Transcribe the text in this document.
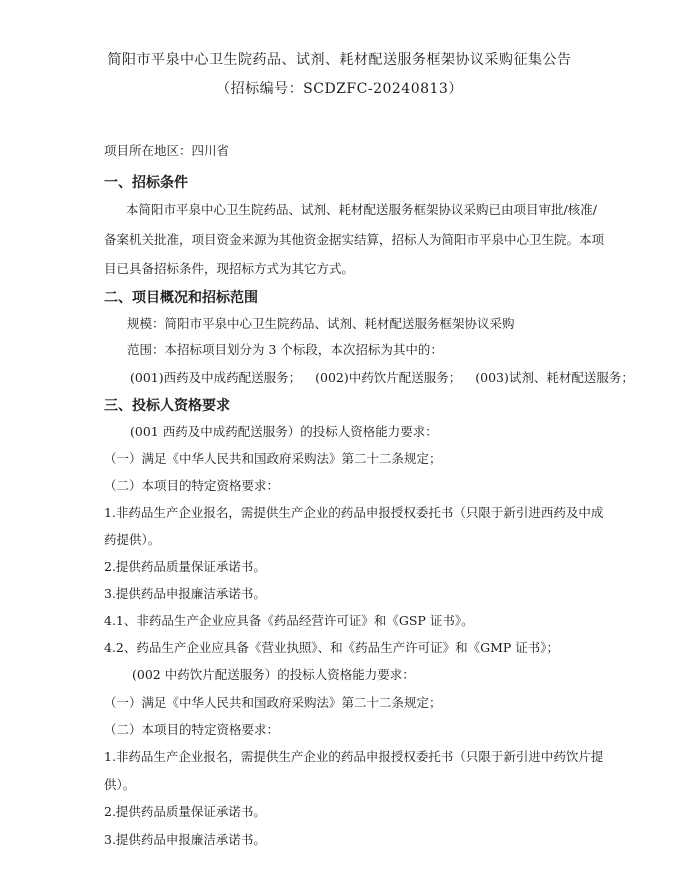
简阳市平泉中心卫生院药品、试剂、耗材配送服务框架协议采购征集公告
（招标编号：SCDZFC-20240813）
项目所在地区：四川省
一、招标条件
本简阳市平泉中心卫生院药品、试剂、耗材配送服务框架协议采购已由项目审批/核准/
备案机关批准，项目资金来源为其他资金据实结算，招标人为简阳市平泉中心卫生院。本项
目已具备招标条件，现招标方式为其它方式。
二、项目概况和招标范围
规模：简阳市平泉中心卫生院药品、试剂、耗材配送服务框架协议采购
范围：本招标项目划分为 3 个标段，本次招标为其中的：
(001)西药及中成药配送服务； (002)中药饮片配送服务； (003)试剂、耗材配送服务；
三、投标人资格要求
(001 西药及中成药配送服务）的投标人资格能力要求：
（一）满足《中华人民共和国政府采购法》第二十二条规定；
（二）本项目的特定资格要求：
1.非药品生产企业报名，需提供生产企业的药品申报授权委托书（只限于新引进西药及中成
药提供）。
2.提供药品质量保证承诺书。
3.提供药品申报廉洁承诺书。
4.1、非药品生产企业应具备《药品经营许可证》和《GSP 证书》。
4.2、药品生产企业应具备《营业执照》、和《药品生产许可证》和《GMP 证书》；
(002 中药饮片配送服务）的投标人资格能力要求：
（一）满足《中华人民共和国政府采购法》第二十二条规定；
（二）本项目的特定资格要求：
1.非药品生产企业报名，需提供生产企业的药品申报授权委托书（只限于新引进中药饮片提
供）。
2.提供药品质量保证承诺书。
3.提供药品申报廉洁承诺书。
